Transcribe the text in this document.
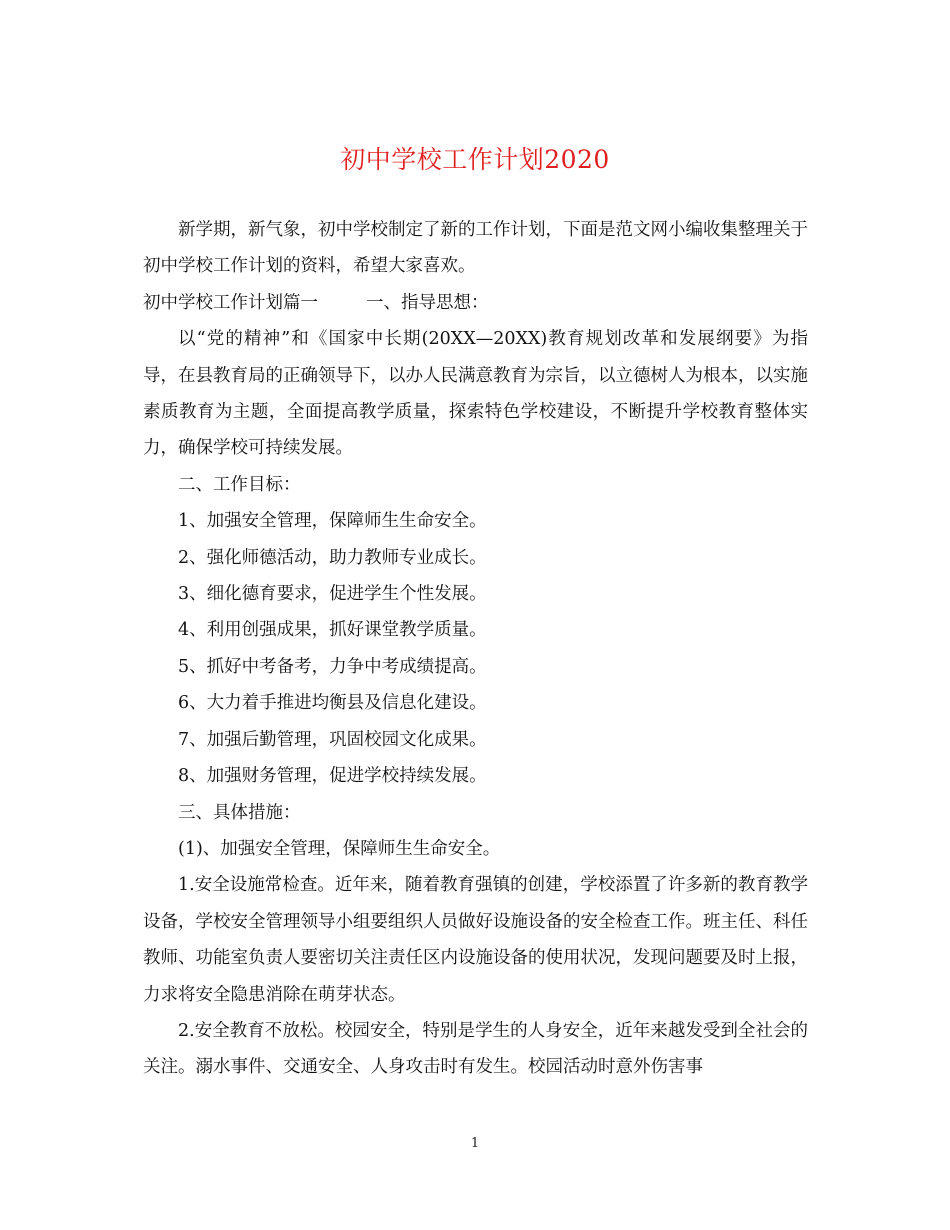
初中学校工作计划2020

新学期，新气象，初中学校制定了新的工作计划，下面是范文网小编收集整理关于初中学校工作计划的资料，希望大家喜欢。

初中学校工作计划篇一	一、指导思想：

以“党的精神”和《国家中长期(20XX—20XX)教育规划改革和发展纲要》为指导，在县教育局的正确领导下，以办人民满意教育为宗旨，以立德树人为根本，以实施素质教育为主题，全面提高教学质量，探索特色学校建设，不断提升学校教育整体实力，确保学校可持续发展。

二、工作目标：

1、加强安全管理，保障师生生命安全。

2、强化师德活动，助力教师专业成长。

3、细化德育要求，促进学生个性发展。

4、利用创强成果，抓好课堂教学质量。

5、抓好中考备考，力争中考成绩提高。

6、大力着手推进均衡县及信息化建设。

7、加强后勤管理，巩固校园文化成果。

8、加强财务管理，促进学校持续发展。

三、具体措施：

(1)、加强安全管理，保障师生生命安全。

1.安全设施常检查。近年来，随着教育强镇的创建，学校添置了许多新的教育教学设备，学校安全管理领导小组要组织人员做好设施设备的安全检查工作。班主任、科任教师、功能室负责人要密切关注责任区内设施设备的使用状况，发现问题要及时上报，力求将安全隐患消除在萌芽状态。

2.安全教育不放松。校园安全，特别是学生的人身安全，近年来越发受到全社会的关注。溺水事件、交通安全、人身攻击时有发生。校园活动时意外伤害事

1
